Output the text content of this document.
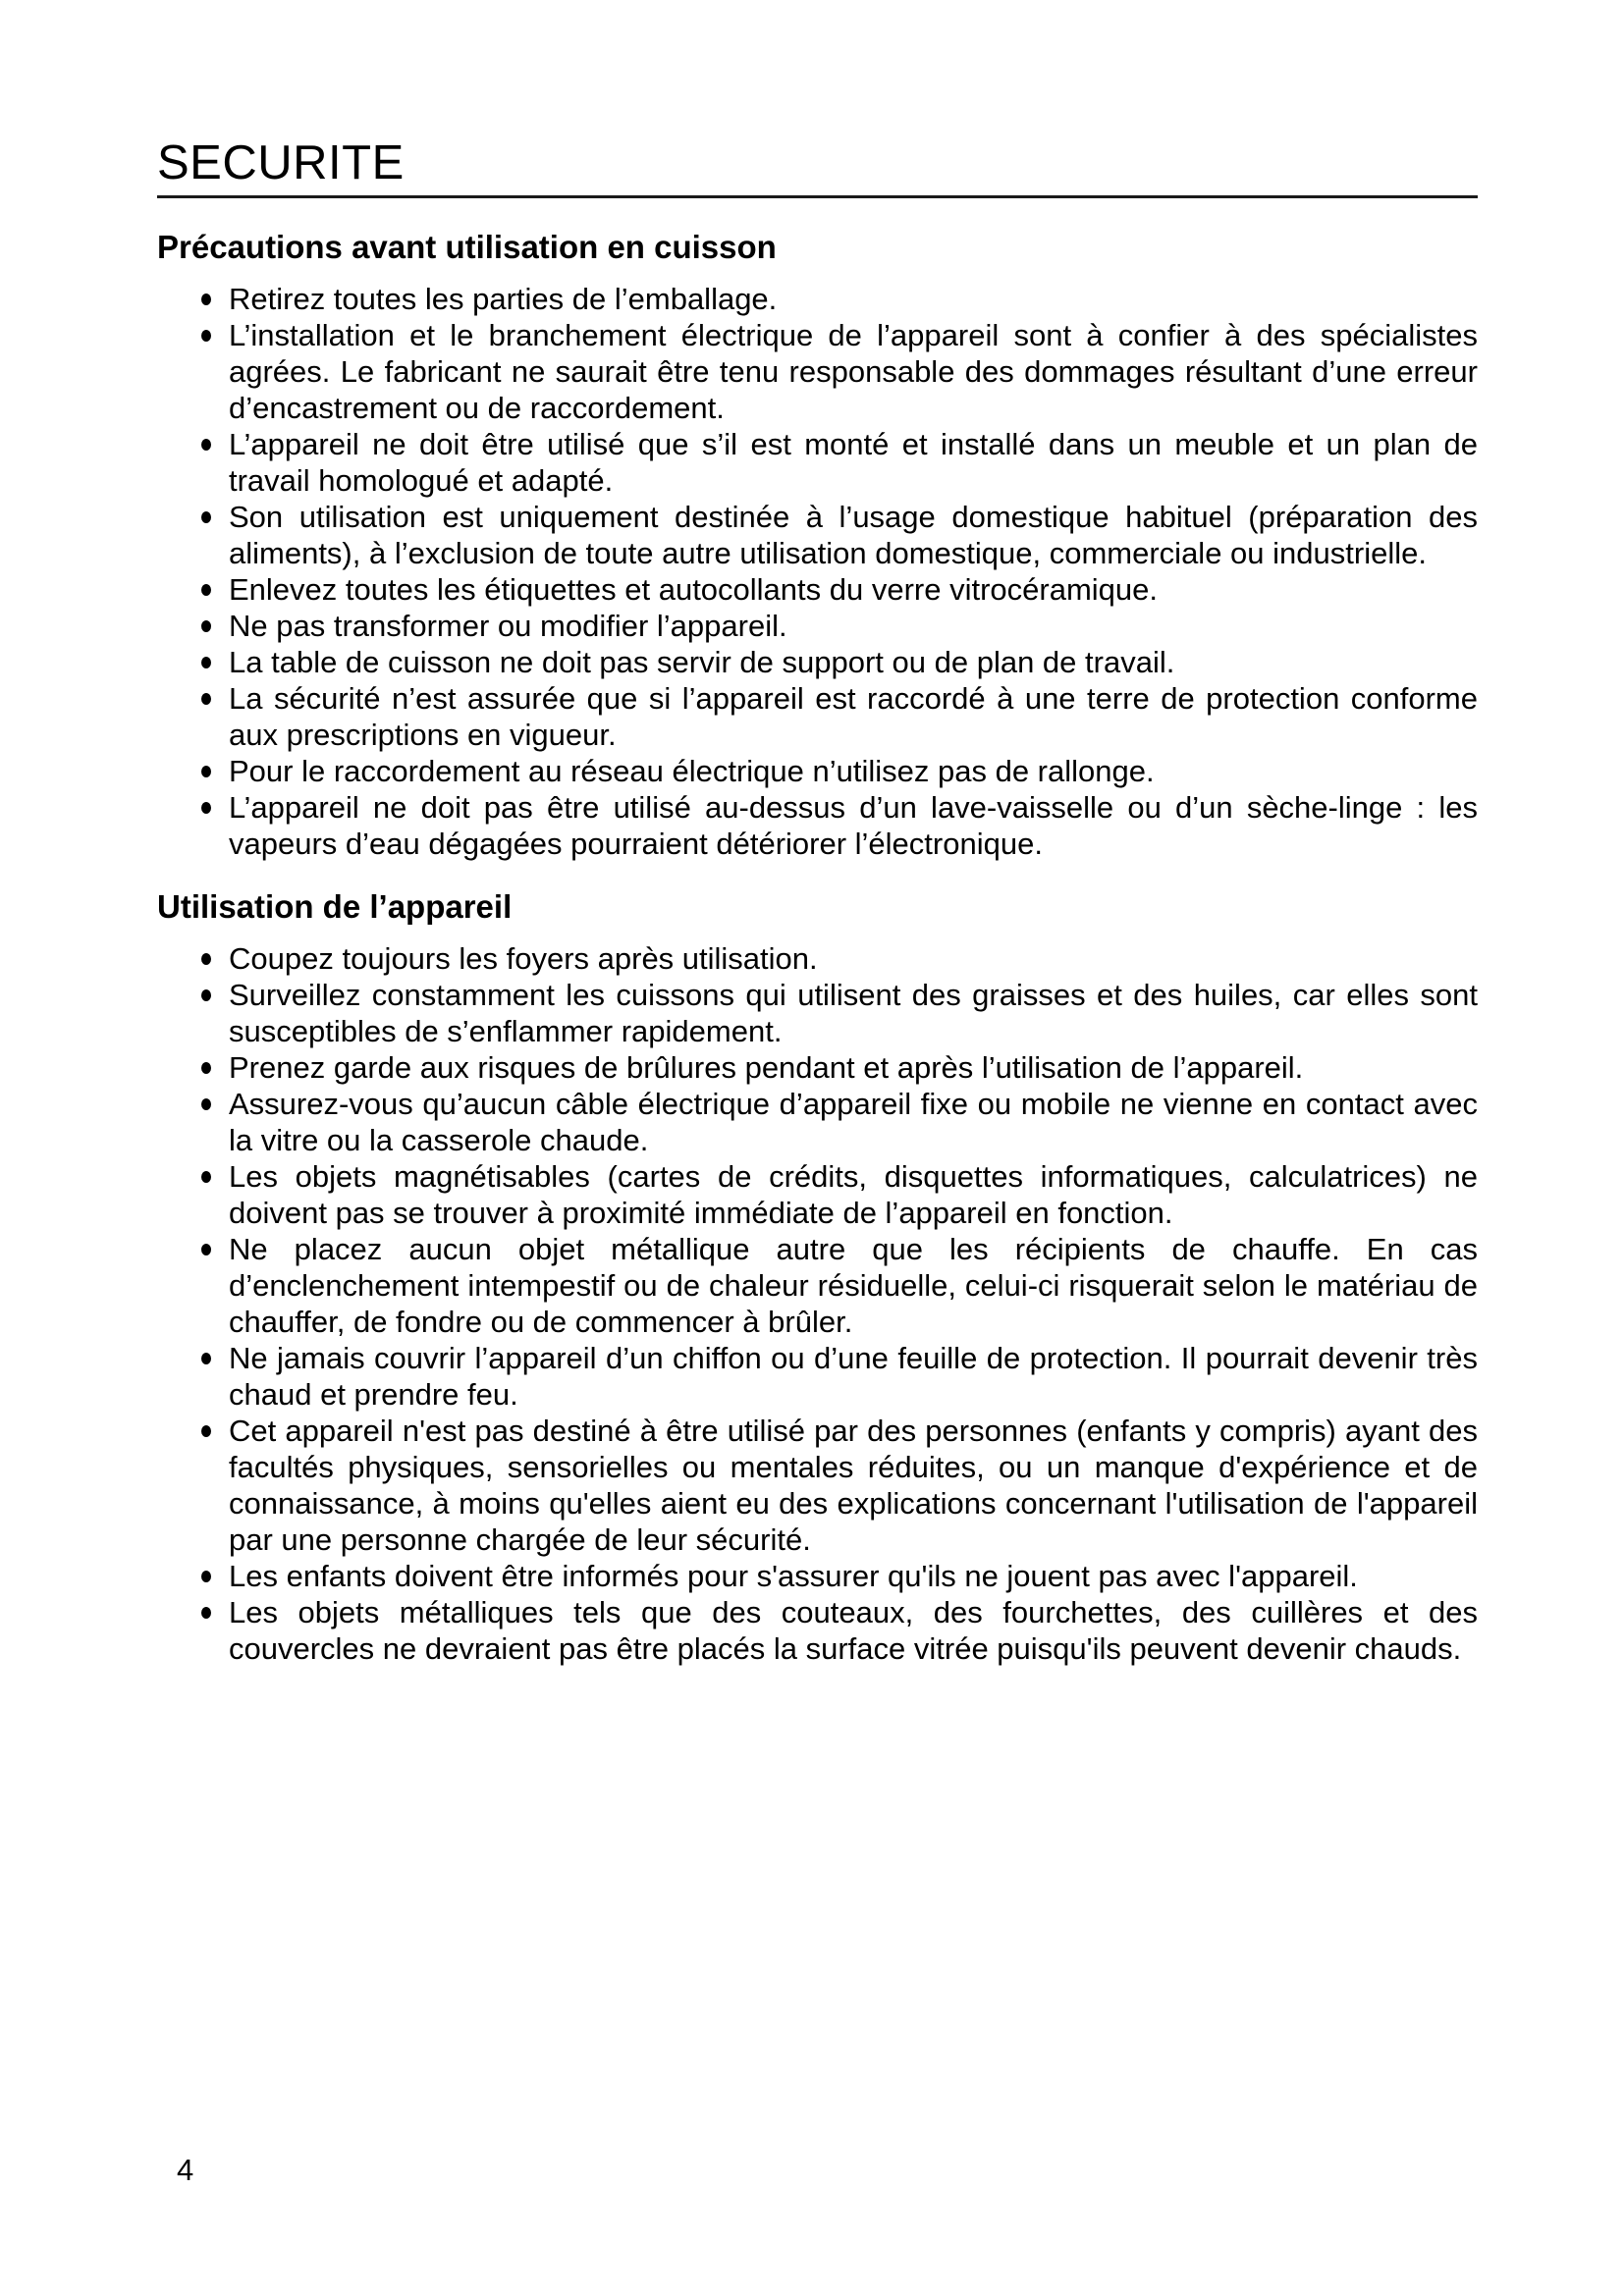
SECURITE
Précautions avant utilisation en cuisson
Retirez toutes les parties de l’emballage.
L’installation et le branchement électrique de l’appareil sont à confier à des spécialistes agrées. Le fabricant ne saurait être tenu responsable des dommages résultant d’une erreur d’encastrement ou de raccordement.
L’appareil ne doit être utilisé que s’il est monté et installé dans un meuble et un plan de travail homologué et adapté.
Son utilisation est uniquement destinée à l’usage domestique habituel (préparation des aliments), à l’exclusion de toute autre utilisation domestique, commerciale ou industrielle.
Enlevez toutes les étiquettes et autocollants du verre vitrocéramique.
Ne pas transformer ou modifier l’appareil.
La table de cuisson ne doit pas servir de support ou de plan de travail.
La sécurité n’est assurée que si l’appareil est raccordé à une terre de protection conforme aux prescriptions en vigueur.
Pour le raccordement au réseau électrique n’utilisez pas de rallonge.
L’appareil ne doit pas être utilisé au-dessus d’un lave-vaisselle ou d’un sèche-linge : les vapeurs d’eau dégagées pourraient détériorer l’électronique.
Utilisation de l’appareil
Coupez toujours les foyers après utilisation.
Surveillez constamment les cuissons qui utilisent des graisses et des huiles, car elles sont susceptibles de s’enflammer rapidement.
Prenez garde aux risques de brûlures pendant et après l’utilisation de l’appareil.
Assurez-vous qu’aucun câble électrique d’appareil fixe ou mobile ne vienne en contact avec la vitre ou la casserole chaude.
Les objets magnétisables (cartes de crédits, disquettes informatiques, calculatrices) ne doivent pas se trouver à proximité immédiate de l’appareil en fonction.
Ne placez aucun objet métallique autre que les récipients de chauffe. En cas d’enclenchement intempestif ou de chaleur résiduelle, celui-ci risquerait selon le matériau de chauffer, de fondre ou de commencer à brûler.
Ne jamais couvrir l’appareil d’un chiffon ou d’une feuille de protection. Il pourrait devenir très chaud et prendre feu.
Cet appareil n'est pas destiné à être utilisé par des personnes (enfants y compris) ayant des facultés physiques, sensorielles ou mentales réduites, ou un manque d'expérience et de connaissance, à moins qu'elles aient eu des explications concernant l'utilisation de l'appareil par une personne chargée de leur sécurité.
Les enfants doivent être informés pour s'assurer qu'ils ne jouent pas avec l'appareil.
Les objets métalliques tels que des couteaux, des fourchettes, des cuillères et des couvercles ne devraient pas être placés la surface vitrée puisqu'ils peuvent devenir chauds.
4
